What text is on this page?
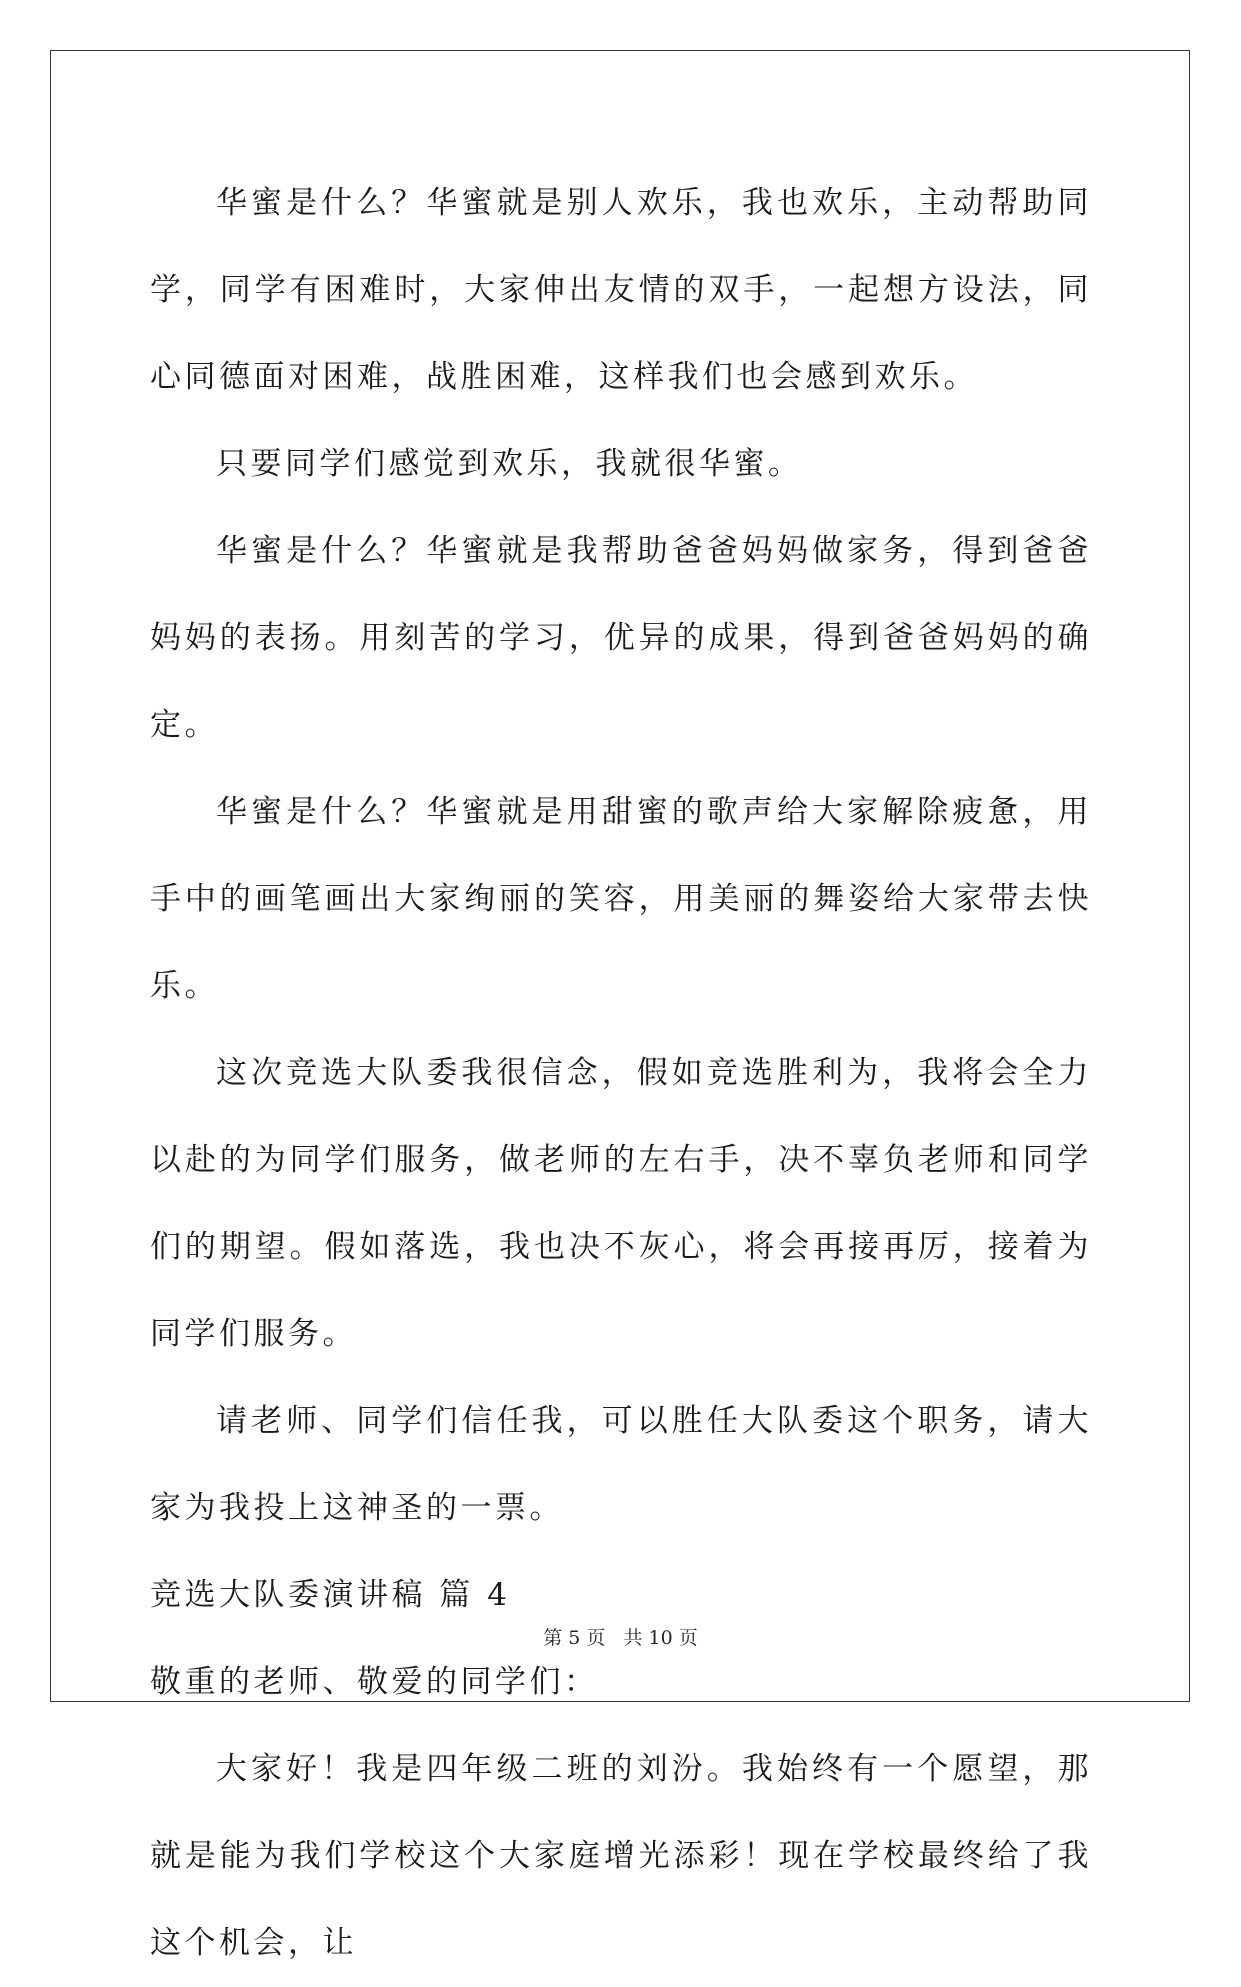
华蜜是什么？华蜜就是别人欢乐，我也欢乐，主动帮助同学，同学有困难时，大家伸出友情的双手，一起想方设法，同心同德面对困难，战胜困难，这样我们也会感到欢乐。

只要同学们感觉到欢乐，我就很华蜜。

华蜜是什么？华蜜就是我帮助爸爸妈妈做家务，得到爸爸妈妈的表扬。用刻苦的学习，优异的成果，得到爸爸妈妈的确定。

华蜜是什么？华蜜就是用甜蜜的歌声给大家解除疲惫，用手中的画笔画出大家绚丽的笑容，用美丽的舞姿给大家带去快乐。

这次竞选大队委我很信念，假如竞选胜利为，我将会全力以赴的为同学们服务，做老师的左右手，决不辜负老师和同学们的期望。假如落选，我也决不灰心，将会再接再厉，接着为同学们服务。

请老师、同学们信任我，可以胜任大队委这个职务，请大家为我投上这神圣的一票。

竞选大队委演讲稿 篇 4

敬重的老师、敬爱的同学们：

大家好！我是四年级二班的刘汾。我始终有一个愿望，那就是能为我们学校这个大家庭增光添彩！现在学校最终给了我这个机会，让

第 5 页 共 10 页
